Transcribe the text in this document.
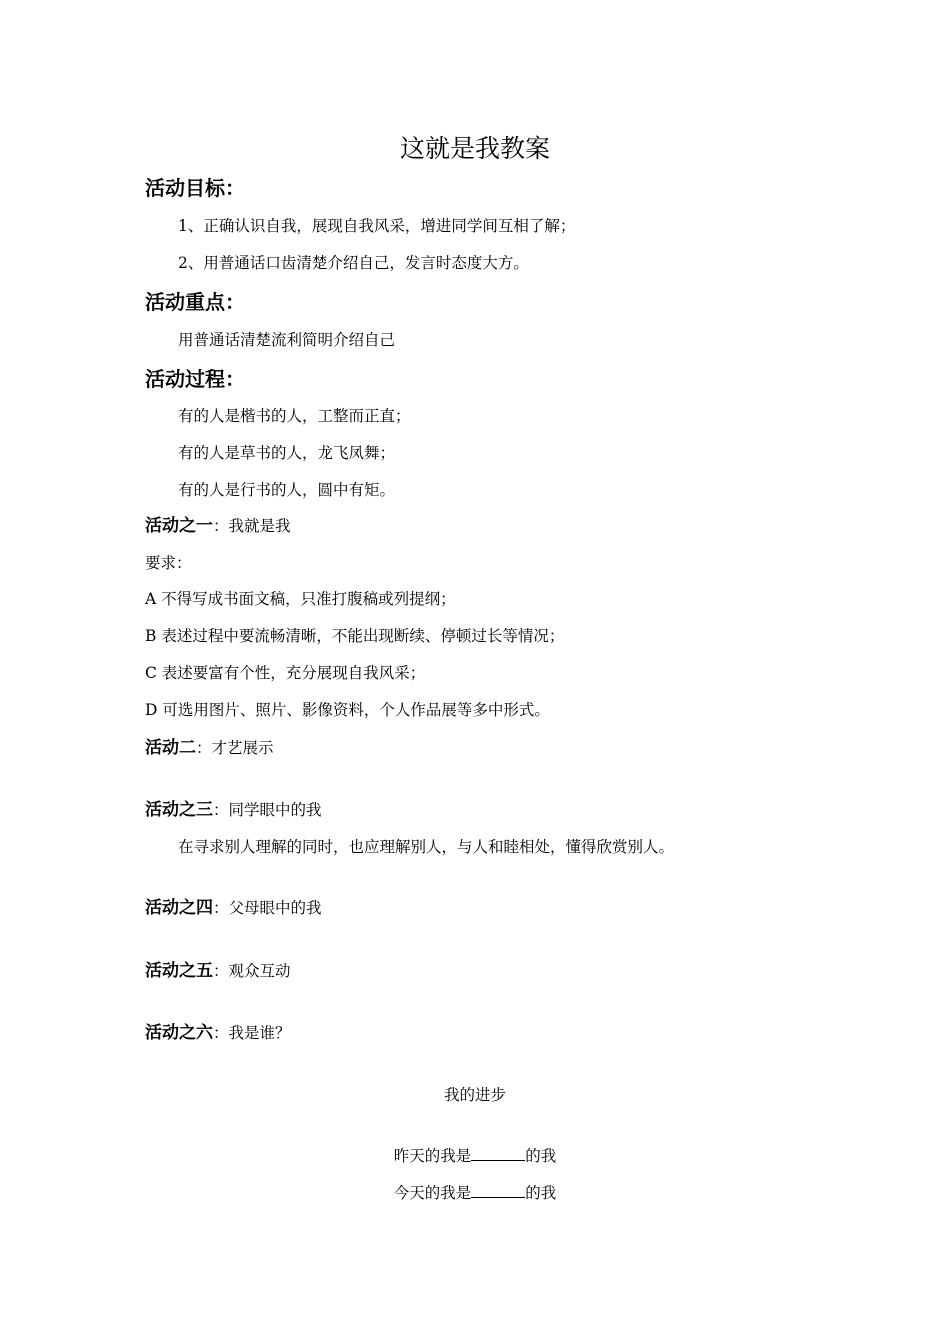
这就是我教案
活动目标：
1、正确认识自我，展现自我风采，增进同学间互相了解；
2、用普通话口齿清楚介绍自己，发言时态度大方。
活动重点：
用普通话清楚流利简明介绍自己
活动过程：
有的人是楷书的人，工整而正直；
有的人是草书的人，龙飞凤舞；
有的人是行书的人，圆中有矩。
活动之一：我就是我
要求：
A 不得写成书面文稿，只准打腹稿或列提纲；
B 表述过程中要流畅清晰，不能出现断续、停顿过长等情况；
C 表述要富有个性，充分展现自我风采；
D 可选用图片、照片、影像资料，个人作品展等多中形式。
活动二：才艺展示
活动之三：同学眼中的我
在寻求别人理解的同时，也应理解别人，与人和睦相处，懂得欣赏别人。
活动之四：父母眼中的我
活动之五：观众互动
活动之六：我是谁？
我的进步
昨天的我是	的我
今天的我是	的我
